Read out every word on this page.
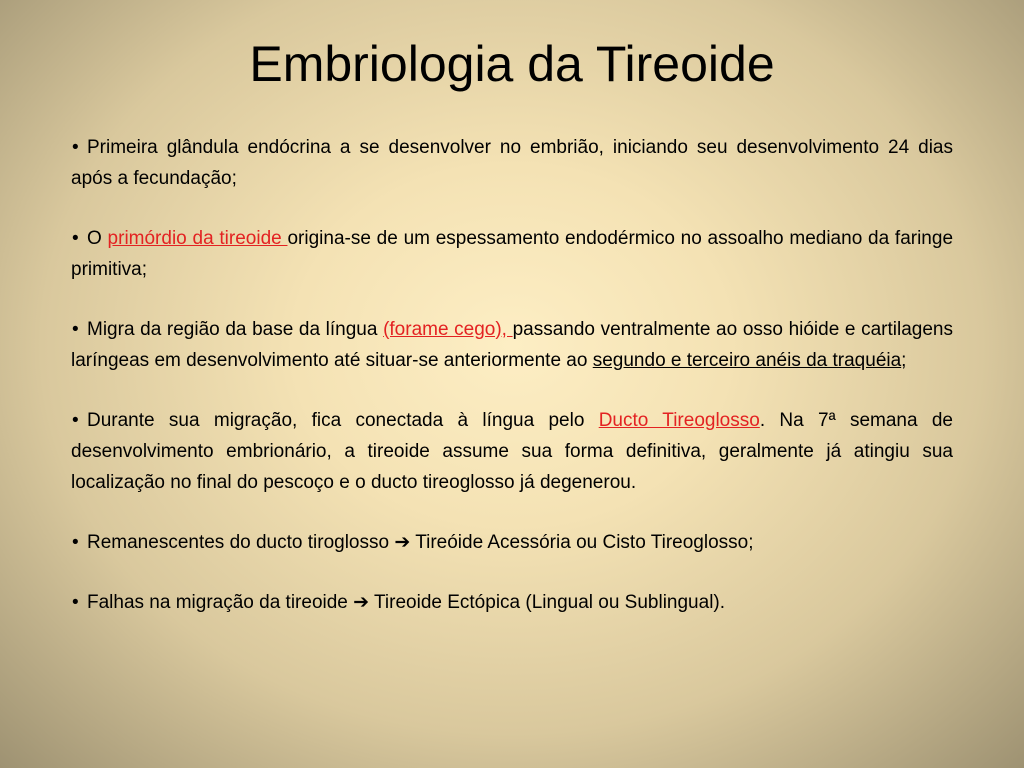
Embriologia da Tireoide

• Primeira glândula endócrina a se desenvolver no embrião, iniciando seu desenvolvimento 24 dias após a fecundação;

• O primórdio da tireoide origina-se de um espessamento endodérmico no assoalho mediano da faringe primitiva;

• Migra da região da base da língua (forame cego), passando ventralmente ao osso hióide e cartilagens laríngeas em desenvolvimento até situar-se anteriormente ao segundo e terceiro anéis da traquéia;

• Durante sua migração, fica conectada à língua pelo Ducto Tireoglosso. Na 7ª semana de desenvolvimento embrionário, a tireoide assume sua forma definitiva, geralmente já atingiu sua localização no final do pescoço e o ducto tireoglosso já degenerou.

• Remanescentes do ducto tiroglosso ➔ Tireóide Acessória ou Cisto Tireoglosso;

• Falhas na migração da tireoide ➔ Tireoide Ectópica (Lingual ou Sublingual).
